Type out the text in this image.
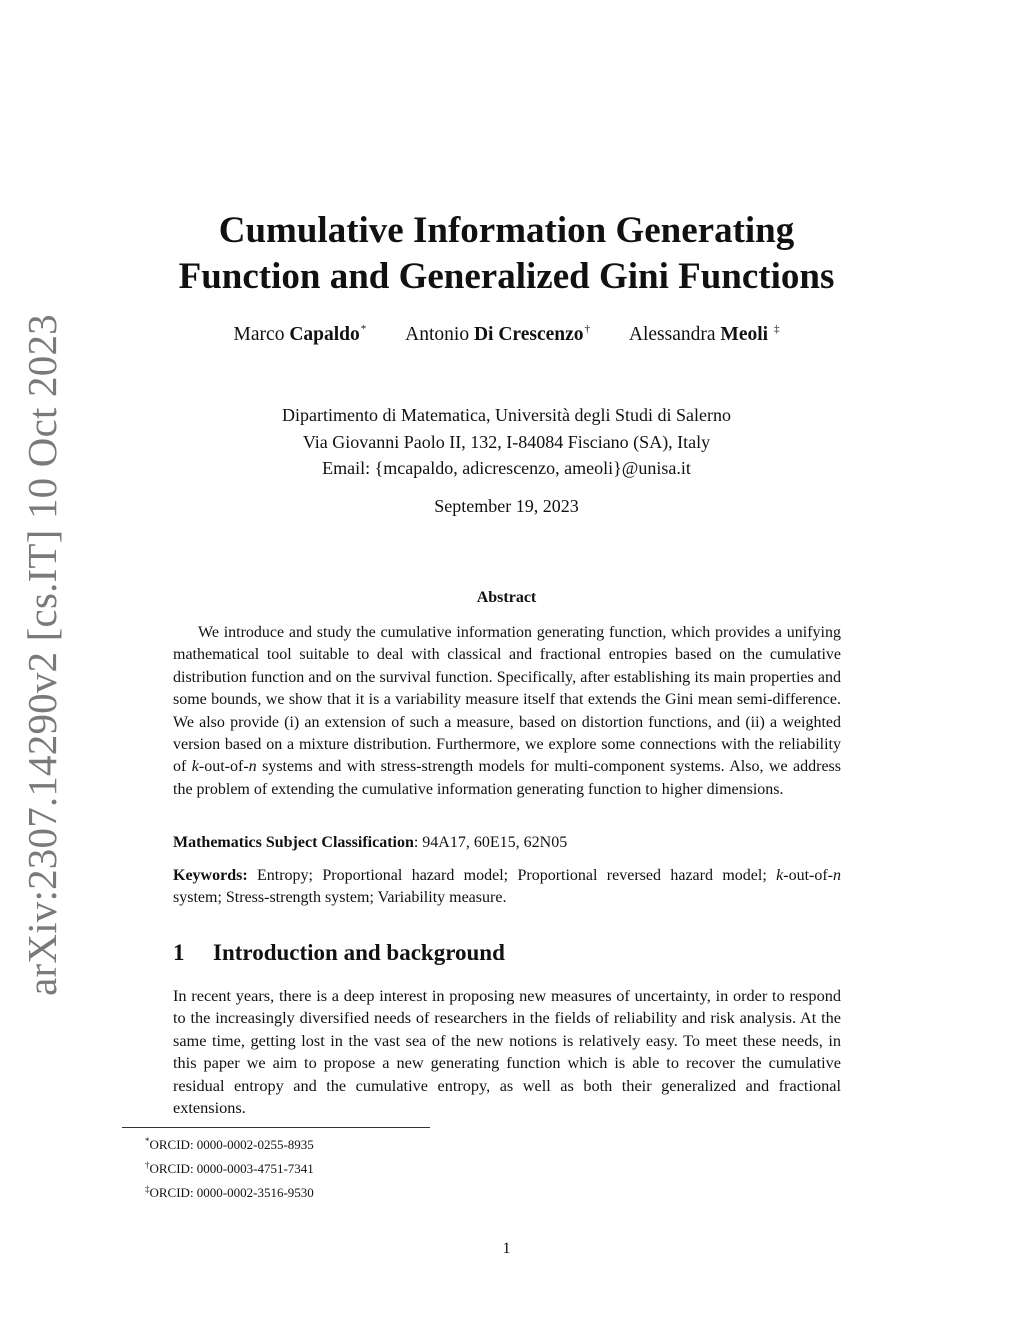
arXiv:2307.14290v2 [cs.IT] 10 Oct 2023
Cumulative Information Generating
Function and Generalized Gini Functions
Marco Capaldo* Antonio Di Crescenzo† Alessandra Meoli ‡
Dipartimento di Matematica, Università degli Studi di Salerno
Via Giovanni Paolo II, 132, I-84084 Fisciano (SA), Italy
Email: {mcapaldo, adicrescenzo, ameoli}@unisa.it
September 19, 2023
Abstract

We introduce and study the cumulative information generating function, which provides a unifying mathematical tool suitable to deal with classical and fractional entropies based on the cumulative distribution function and on the survival function. Specifically, after establishing its main properties and some bounds, we show that it is a variability measure itself that extends the Gini mean semi-difference. We also provide (i) an extension of such a measure, based on distortion functions, and (ii) a weighted version based on a mixture distribution. Furthermore, we explore some connections with the reliability of k-out-of-n systems and with stress-strength models for multi-component systems. Also, we address the problem of extending the cumulative information generating function to higher dimensions.

Mathematics Subject Classification: 94A17, 60E15, 62N05
Keywords: Entropy; Proportional hazard model; Proportional reversed hazard model; k-out-of-n system; Stress-strength system; Variability measure.
1 Introduction and background

In recent years, there is a deep interest in proposing new measures of uncertainty, in order to respond to the increasingly diversified needs of researchers in the fields of reliability and risk analysis. At the same time, getting lost in the vast sea of the new notions is relatively easy. To meet these needs, in this paper we aim to propose a new generating function which is able to recover the cumulative residual entropy and the cumulative entropy, as well as both their generalized and fractional extensions.

*ORCID: 0000-0002-0255-8935
†ORCID: 0000-0003-4751-7341
‡ORCID: 0000-0002-3516-9530
1
